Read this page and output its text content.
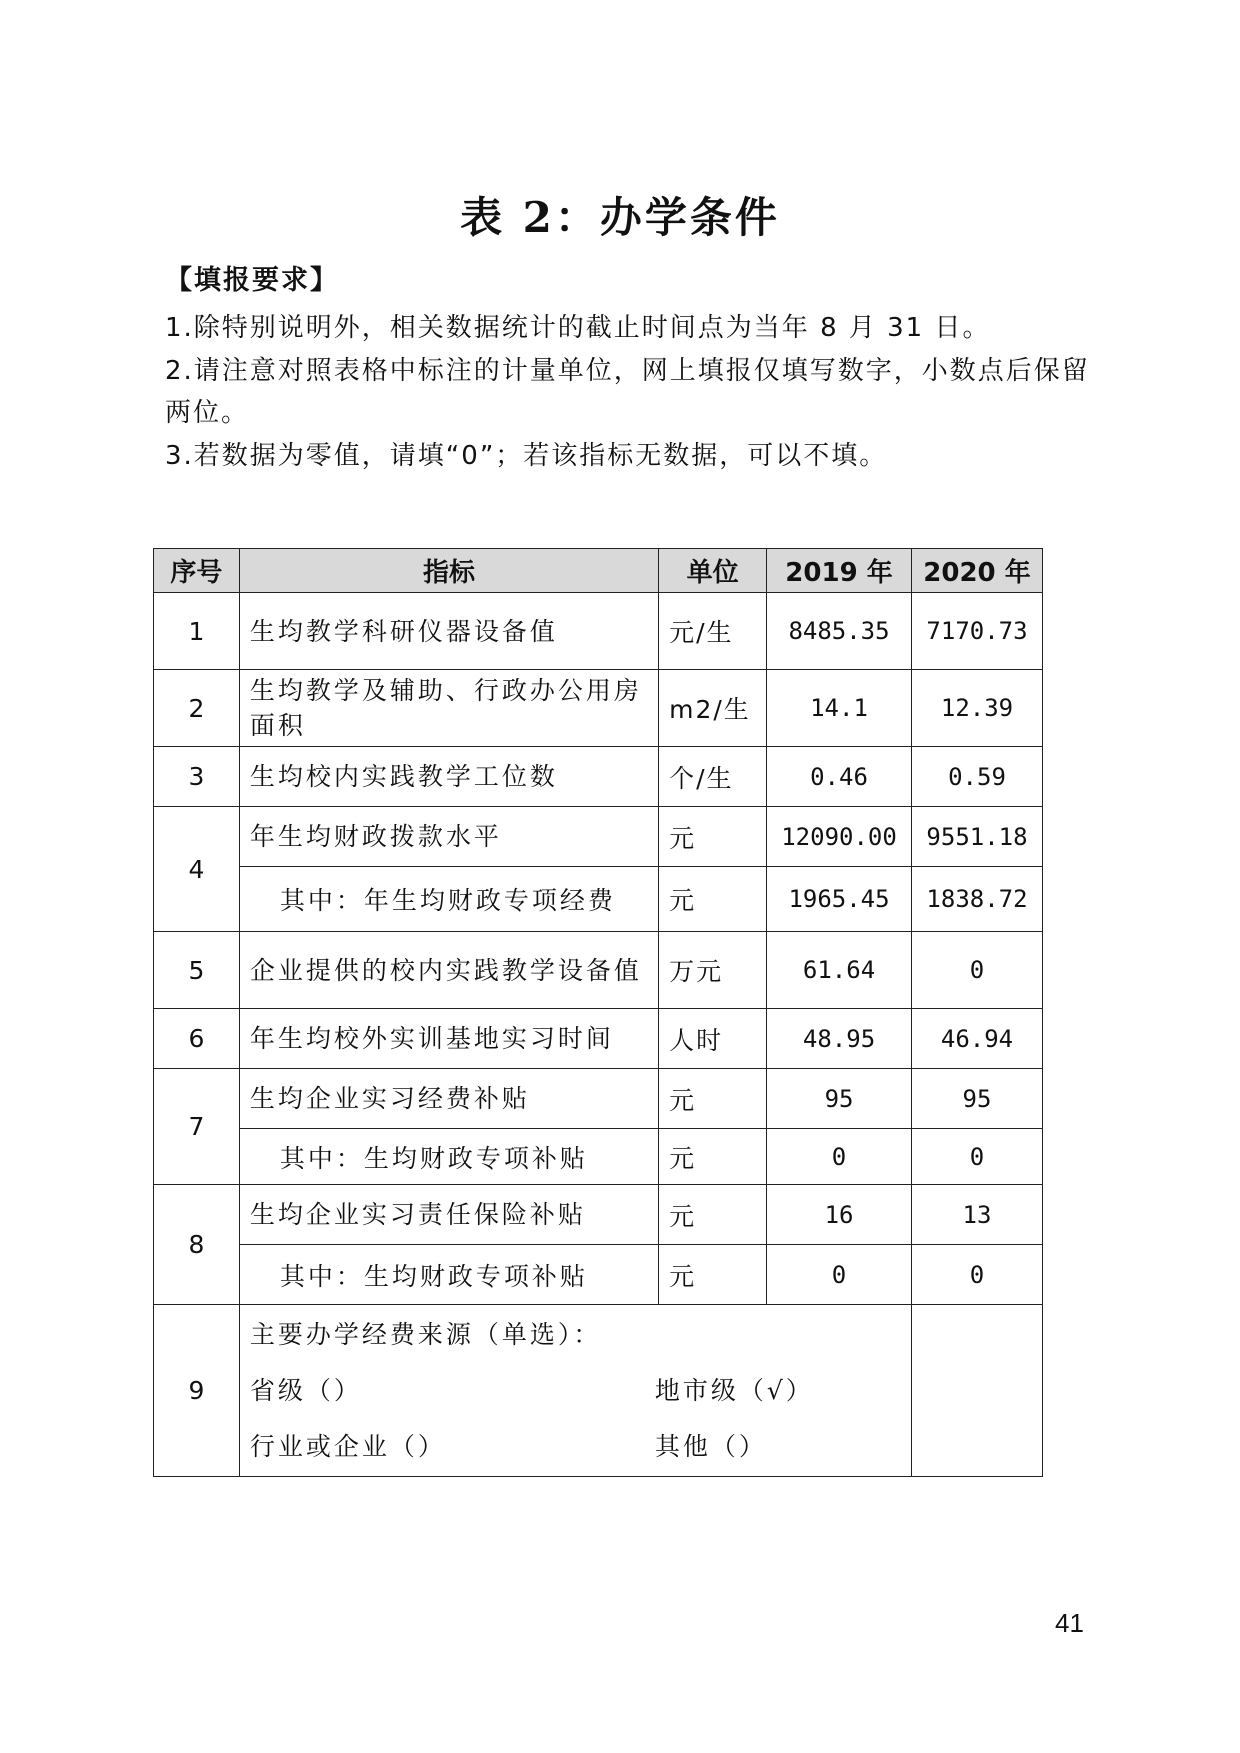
表 2：办学条件
【填报要求】
1.除特别说明外，相关数据统计的截止时间点为当年 8 月 31 日。
2.请注意对照表格中标注的计量单位，网上填报仅填写数字，小数点后保留两位。
3.若数据为零值，请填“0”；若该指标无数据，可以不填。
序号	指标	单位	2019 年	2020 年
1	生均教学科研仪器设备值	元/生	8485.35	7170.73
2	生均教学及辅助、行政办公用房面积	m2/生	14.1	12.39
3	生均校内实践教学工位数	个/生	0.46	0.59
4	年生均财政拨款水平	元	12090.00	9551.18
	其中：年生均财政专项经费	元	1965.45	1838.72
5	企业提供的校内实践教学设备值	万元	61.64	0
6	年生均校外实训基地实习时间	人时	48.95	46.94
7	生均企业实习经费补贴	元	95	95
	其中：生均财政专项补贴	元	0	0
8	生均企业实习责任保险补贴	元	16	13
	其中：生均财政专项补贴	元	0	0
9	主要办学经费来源（单选）：
省级（） 地市级（√）
行业或企业（） 其他（）			

41
